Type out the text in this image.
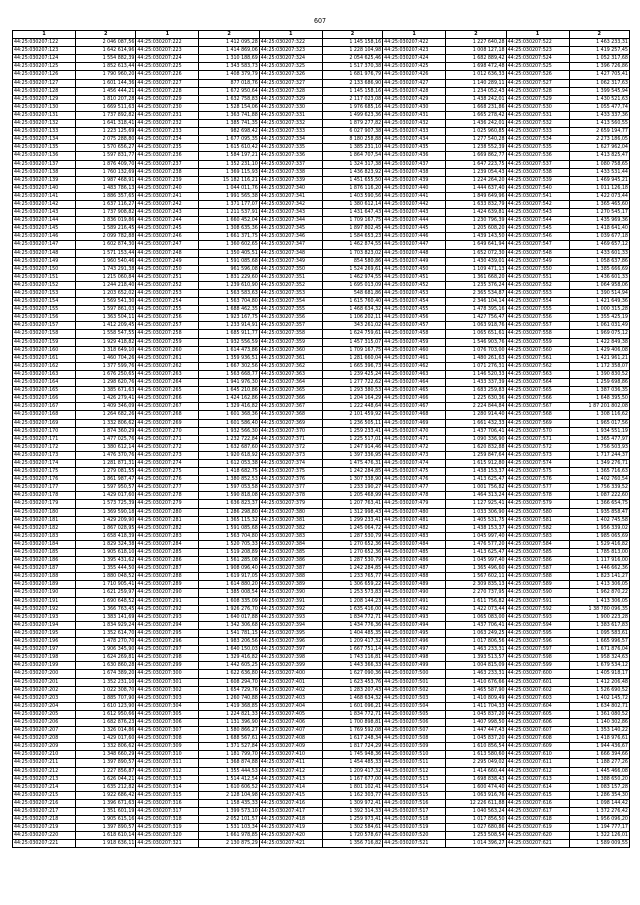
607
1	2	1	2	1	2	1	2	1	2
44:25:030207:122	2 046 087,56	44:25:030207:222	1 412 095,28	44:25:030207:322	1 145 158,16	44:25:030207:422	1 227 640,28	44:25:030207:522	1 463 233,31
44:25:030207:123	1 642 614,96	44:25:030207:223	1 414 869,06	44:25:030207:323	1 228 104,98	44:25:030207:423	1 008 127,18	44:25:030207:523	1 419 257,45
44:25:030207:124	1 554 882,39	44:25:030207:224	1 310 188,69	44:25:030207:324	2 054 625,46	44:25:030207:424	1 682 889,42	44:25:030207:524	1 052 317,68
44:25:030207:125	1 852 613,44	44:25:030207:225	1 343 583,73	44:25:030207:325	1 517 370,38	44:25:030207:425	1 698 472,48	44:25:030207:525	1 396 726,86
44:25:030207:126	1 790 960,20	44:25:030207:226	1 408 379,79	44:25:030207:326	1 681 976,79	44:25:030207:426	1 012 636,33	44:25:030207:526	1 427 705,41
44:25:030207:127	1 601 144,36	44:25:030207:227	877 018,76	44:25:030207:327	2 133 686,90	44:25:030207:427	1 140 289,11	44:25:030207:527	1 062 317,63
44:25:030207:128	1 456 444,21	44:25:030207:228	1 672 950,64	44:25:030207:328	1 145 158,16	44:25:030207:428	1 234 052,43	44:25:030207:528	1 399 545,94
44:25:030207:129	1 810 207,28	44:25:030207:229	1 632 758,83	44:25:030207:329	2 117 023,08	44:25:030207:429	1 438 242,01	44:25:030207:529	1 430 521,63
44:25:030207:130	1 669 511,63	44:25:030207:230	1 528 154,06	44:25:030207:330	1 976 685,16	44:25:030207:430	1 668 231,86	44:25:030207:530	1 055 477,74
44:25:030207:131	1 737 892,82	44:25:030207:231	1 363 741,88	44:25:030207:331	1 499 623,36	44:25:030207:431	1 665 278,42	44:25:030207:531	1 433 337,36
44:25:030207:132	1 641 318,41	44:25:030207:232	1 385 741,35	44:25:030207:332	1 879 277,82	44:25:030207:432	1 436 242,01	44:25:030207:532	1 413 560,55
44:25:030207:133	1 223 125,69	44:25:030207:233	982 698,42	44:25:030207:333	6 027 907,38	44:25:030207:433	1 025 960,85	44:25:030207:533	2 659 194,77
44:25:030207:134	2 075 288,80	44:25:030207:234	1 677 095,35	44:25:030207:334	8 180 258,88	44:25:030207:434	1 277 540,28	44:25:030207:534	2 273 186,05
44:25:030207:135	1 570 656,27	44:25:030207:235	1 615 610,42	44:25:030207:335	1 385 231,10	44:25:030207:435	1 238 552,39	44:25:030207:535	1 627 962,04
44:25:030207:136	1 597 831,77	44:25:030207:236	1 584 197,21	44:25:030207:336	1 864 707,54	44:25:030207:436	1 669 862,77	44:25:030207:536	1 413 825,47
44:25:030207:137	1 876 409,70	44:25:030207:237	1 352 231,10	44:25:030207:337	1 324 317,38	44:25:030207:437	1 647 223,75	44:25:030207:537	1 080 758,65
44:25:030207:138	1 760 132,69	44:25:030207:238	1 369 115,93	44:25:030207:338	1 436 823,92	44:25:030207:438	1 239 054,43	44:25:030207:538	1 433 531,44
44:25:030207:139	1 987 468,91	44:25:030207:239	15 182 116,21	44:25:030207:339	1 451 655,50	44:25:030207:439	1 224 264,20	44:25:030207:539	1 469 945,21
44:25:030207:140	1 483 786,13	44:25:030207:240	1 044 011,76	44:25:030207:340	1 876 116,20	44:25:030207:440	1 444 637,40	44:25:030207:540	1 011 126,18
44:25:030207:141	1 886 357,65	44:25:030207:241	1 991 565,38	44:25:030207:341	1 403 590,56	44:25:030207:441	1 849 649,96	44:25:030207:541	1 422 073,44
44:25:030207:142	1 637 116,27	44:25:030207:242	1 371 177,07	44:25:030207:342	1 380 612,14	44:25:030207:442	1 633 832,79	44:25:030207:542	1 365 465,60
44:25:030207:143	1 737 908,82	44:25:030207:243	1 211 537,91	44:25:030207:343	1 431 647,43	44:25:030207:443	1 424 639,81	44:25:030207:543	1 270 545,17
44:25:030207:144	1 836 019,86	44:25:030207:244	1 660 452,04	44:25:030207:344	1 709 167,75	44:25:030207:444	1 230 796,39	44:25:030207:544	1 435 969,36
44:25:030207:145	1 589 216,45	44:25:030207:245	1 308 635,36	44:25:030207:345	1 897 802,45	44:25:030207:445	1 205 608,20	44:25:030207:545	1 418 641,40
44:25:030207:146	2 099 782,88	44:25:030207:246	1 661 371,75	44:25:030207:346	1 584 653,23	44:25:030207:446	1 439 143,50	44:25:030207:546	1 039 677,18
44:25:030207:147	1 602 874,30	44:25:030207:247	1 360 602,65	44:25:030207:347	1 462 874,55	44:25:030207:447	1 649 641,94	44:25:030207:547	1 469 657,12
44:25:030207:148	1 571 153,44	44:25:030207:248	1 350 405,51	44:25:030207:348	1 703 823,02	44:25:030207:448	1 652 072,30	44:25:030207:548	1 433 601,33
44:25:030207:149	1 960 540,46	44:25:030207:249	1 591 085,68	44:25:030207:349	854 580,86	44:25:030207:449	1 430 439,01	44:25:030207:549	1 058 637,86
44:25:030207:150	1 743 291,38	44:25:030207:250	961 596,08	44:25:030207:350	1 524 269,61	44:25:030207:450	1 109 471,13	44:25:030207:550	1 385 666,69
44:25:030207:151	1 215 060,84	44:25:030207:251	1 831 229,60	44:25:030207:351	1 462 974,55	44:25:030207:451	1 361 668,20	44:25:030207:551	1 436 601,33
44:25:030207:152	1 244 218,40	44:25:030207:252	1 239 610,90	44:25:030207:352	1 695 013,09	44:25:030207:452	1 235 376,24	44:25:030207:552	1 064 958,06
44:25:030207:153	1 203 652,02	44:25:030207:253	1 563 583,63	44:25:030207:353	548 681,86	44:25:030207:453	2 365 534,87	44:25:030207:553	1 390 514,94
44:25:030207:154	1 569 541,30	44:25:030207:254	1 563 704,80	44:25:030207:354	1 615 760,40	44:25:030207:454	2 346 104,14	44:25:030207:554	1 421 649,36
44:25:030207:155	1 597 861,03	44:25:030207:255	1 688 462,35	44:25:030207:355	1 468 634,32	44:25:030207:455	1 478 395,16	44:25:030207:555	1 000 315,28
44:25:030207:156	1 363 504,11	44:25:030207:256	1 923 167,75	44:25:030207:356	1 106 202,11	44:25:030207:456	1 427 756,47	44:25:030207:556	1 355 425,19
44:25:030207:157	1 412 209,45	44:25:030207:257	1 233 914,91	44:25:030207:357	343 261,02	44:25:030207:457	1 063 918,76	44:25:030207:557	1 061 031,49
44:25:030207:158	1 558 547,55	44:25:030207:258	1 685 911,77	44:25:030207:358	1 624 759,61	44:25:030207:458	1 065 651,61	44:25:030207:558	1 969 075,12
44:25:030207:159	1 929 418,82	44:25:030207:259	1 932 556,59	44:25:030207:359	1 457 315,07	44:25:030207:459	1 546 903,76	44:25:030207:559	1 422 849,38
44:25:030207:160	1 318 649,10	44:25:030207:260	1 614 473,86	44:25:030207:360	1 709 167,75	44:25:030207:460	1 076 703,00	44:25:030207:560	1 429 406,08
44:25:030207:161	1 460 704,26	44:25:030207:261	1 359 936,51	44:25:030207:361	1 281 660,04	44:25:030207:461	1 480 261,63	44:25:030207:561	1 421 961,21
44:25:030207:162	1 377 599,76	44:25:030207:262	1 667 302,56	44:25:030207:362	1 665 396,73	44:25:030207:462	1 071 276,31	44:25:030207:562	1 172 358,07
44:25:030207:163	1 676 250,65	44:25:030207:263	1 563 668,77	44:25:030207:363	1 239 425,24	44:25:030207:463	1 146 520,33	44:25:030207:563	1 390 830,52
44:25:030207:164	1 298 620,76	44:25:030207:264	1 941 976,30	44:25:030207:364	1 277 722,62	44:25:030207:464	1 433 337,39	44:25:030207:564	1 259 698,86
44:25:030207:165	1 385 671,63	44:25:030207:265	1 645 210,86	44:25:030207:365	1 293 380,53	44:25:030207:465	1 683 259,83	44:25:030207:565	1 387 036,35
44:25:030207:166	1 426 279,41	44:25:030207:266	1 424 162,86	44:25:030207:366	1 204 164,29	44:25:030207:466	1 225 630,36	44:25:030207:566	1 648 395,50
44:25:030207:167	1 409 346,09	44:25:030207:267	1 329 416,82	44:25:030207:367	1 222 448,64	44:25:030207:467	2 224 844,84	44:25:030207:567	1 87 201 802,08
44:25:030207:168	1 264 682,26	44:25:030207:268	1 601 368,36	44:25:030207:368	2 101 459,92	44:25:030207:468	1 280 914,40	44:25:030207:568	1 308 116,62
44:25:030207:169	1 332 806,62	44:25:030207:269	1 601 586,40	44:25:030207:369	1 236 505,11	44:25:030207:469	1 661 432,33	44:25:030207:569	1 965 017,56
44:25:030207:170	1 874 360,29	44:25:030207:270	1 932 566,30	44:25:030207:370	1 259 233,41	44:25:030207:470	1 437 706,41	44:25:030207:570	1 934 551,19
44:25:030207:171	1 477 025,76	44:25:030207:271	1 232 722,84	44:25:030207:371	1 225 517,01	44:25:030207:471	1 090 336,90	44:25:030207:571	1 365 477,97
44:25:030207:172	1 380 612,14	44:25:030207:272	1 632 687,60	44:25:030207:372	1 247 914,46	44:25:030207:472	1 620 832,88	44:25:030207:572	1 756 503,93
44:25:030207:173	1 476 370,76	44:25:030207:273	1 920 618,92	44:25:030207:373	1 397 336,95	44:25:030207:473	1 259 847,64	44:25:030207:573	1 717 244,37
44:25:030207:174	1 281 871,31	44:25:030207:274	1 612 053,38	44:25:030207:374	1 475 476,31	44:25:030207:474	1 615 912,80	44:25:030207:574	1 349 276,71
44:25:030207:175	1 279 081,55	44:25:030207:275	1 418 682,75	44:25:030207:375	1 242 284,85	44:25:030207:475	1 438 153,37	44:25:030207:575	1 365 716,63
44:25:030207:176	1 861 987,47	44:25:030207:276	1 380 852,53	44:25:030207:376	1 307 338,90	44:25:030207:476	1 413 625,47	44:25:030207:576	1 402 760,54
44:25:030207:177	1 597 950,57	44:25:030207:277	1 597 053,58	44:25:030207:377	1 233 190,27	44:25:030207:477	1 001 756,82	44:25:030207:577	1 756 339,52
44:25:030207:178	1 429 017,60	44:25:030207:278	1 590 818,08	44:25:030207:378	1 205 468,99	44:25:030207:478	1 464 313,24	44:25:030207:578	1 087 222,60
44:25:030207:179	1 573 725,39	44:25:030207:279	1 636 823,37	44:25:030207:379	1 207 763,41	44:25:030207:479	1 127 925,41	44:25:030207:579	1 366 654,75
44:25:030207:180	1 369 590,18	44:25:030207:280	1 286 298,80	44:25:030207:380	1 312 998,43	44:25:030207:480	1 033 306,90	44:25:030207:580	1 935 858,47
44:25:030207:181	1 429 209,90	44:25:030207:281	1 365 115,32	44:25:030207:381	1 299 233,41	44:25:030207:481	1 405 531,75	44:25:030207:581	1 402 745,58
44:25:030207:182	1 867 028,95	44:25:030207:282	1 591 085,68	44:25:030207:382	1 245 064,72	44:25:030207:482	1 438 153,37	44:25:030207:582	1 956 339,02
44:25:030207:183	1 658 418,39	44:25:030207:283	1 563 704,80	44:25:030207:383	1 287 530,79	44:25:030207:483	1 045 997,40	44:25:030207:583	1 985 065,69
44:25:030207:184	1 829 324,38	44:25:030207:284	1 520 705,33	44:25:030207:384	1 270 652,36	44:25:030207:484	1 476 577,20	44:25:030207:584	1 529 416,82
44:25:030207:185	1 905 618,10	44:25:030207:285	1 519 208,89	44:25:030207:385	1 270 652,36	44:25:030207:485	1 413 625,47	44:25:030207:585	1 785 813,00
44:25:030207:186	1 395 431,62	44:25:030207:286	1 561 285,08	44:25:030207:386	1 287 530,79	44:25:030207:486	1 045 997,40	44:25:030207:586	1 117 916,00
44:25:030207:187	1 355 444,50	44:25:030207:287	1 908 096,40	44:25:030207:387	1 242 284,85	44:25:030207:487	1 365 496,60	44:25:030207:587	1 446 662,36
44:25:030207:188	1 880 048,52	44:25:030207:288	1 619 917,05	44:25:030207:388	1 233 765,77	44:25:030207:488	1 567 602,11	44:25:030207:588	1 823 141,27
44:25:030207:189	1 710 905,41	44:25:030207:289	1 614 880,20	44:25:030207:389	1 306 659,22	44:25:030207:489	2 309 835,13	44:25:030207:589	1 413 306,05
44:25:030207:190	1 621 259,97	44:25:030207:290	1 385 008,54	44:25:030207:390	1 253 573,83	44:25:030207:490	2 270 737,95	44:25:030207:590	1 962 870,22
44:25:030207:191	1 690 648,52	44:25:030207:291	1 608 335,09	44:25:030207:391	1 208 144,23	44:25:030207:491	1 611 756,82	44:25:030207:591	1 413 306,05
44:25:030207:192	1 366 763,45	44:25:030207:292	1 926 276,70	44:25:030207:392	1 635 416,00	44:25:030207:492	1 422 073,44	44:25:030207:592	1 38 780 096,35
44:25:030207:193	1 383 141,69	44:25:030207:293	1 640 017,88	44:25:030207:393	1 834 772,71	44:25:030207:493	1 065 083,00	44:25:030207:593	1 900 223,28
44:25:030207:194	1 834 929,24	44:25:030207:294	1 342 306,68	44:25:030207:394	1 434 776,36	44:25:030207:494	1 437 706,41	44:25:030207:594	1 383 617,83
44:25:030207:195	1 352 614,70	44:25:030207:295	1 541 781,15	44:25:030207:395	1 404 485,35	44:25:030207:495	1 063 249,25	44:25:030207:595	1 095 583,61
44:25:030207:196	1 478 270,70	44:25:030207:296	1 983 206,56	44:25:030207:396	1 209 417,32	44:25:030207:496	1 017 806,56	44:25:030207:596	1 665 996,57
44:25:030207:197	1 906 345,90	44:25:030207:297	1 640 150,03	44:25:030207:397	1 667 751,14	44:25:030207:497	1 463 233,31	44:25:030207:597	1 671 876,04
44:25:030207:198	1 624 269,81	44:25:030207:298	1 329 416,82	44:25:030207:398	1 743 116,81	44:25:030207:498	1 393 513,57	44:25:030207:598	1 958 324,63
44:25:030207:199	1 630 860,28	44:25:030207:299	1 442 605,25	44:25:030207:399	1 443 366,33	44:25:030207:499	1 004 815,09	44:25:030207:599	1 679 534,12
44:25:030207:200	1 674 389,20	44:25:030207:300	1 622 636,80	44:25:030207:400	1 627 090,36	44:25:030207:500	1 463 233,31	44:25:030207:600	1 405 918,17
44:25:030207:201	1 352 231,10	44:25:030207:301	1 608 294,70	44:25:030207:401	1 623 453,76	44:25:030207:501	1 410 676,66	44:25:030207:601	1 412 206,48
44:25:030207:202	1 022 308,70	44:25:030207:302	1 654 729,76	44:25:030207:402	1 283 207,43	44:25:030207:502	1 465 587,90	44:25:030207:602	1 526 690,52
44:25:030207:203	1 885 707,90	44:25:030207:303	1 260 740,88	44:25:030207:403	1 468 634,32	44:25:030207:503	1 410 809,49	44:25:030207:603	1 402 145,72
44:25:030207:204	1 610 123,90	44:25:030207:304	1 419 368,85	44:25:030207:404	1 601 096,21	44:25:030207:504	1 411 704,33	44:25:030207:604	1 634 802,71
44:25:030207:205	1 612 950,66	44:25:030207:305	1 224 821,33	44:25:030207:405	1 834 772,71	44:25:030207:505	1 045 837,20	44:25:030207:605	1 361 080,52
44:25:030207:206	1 682 876,23	44:25:030207:306	1 131 396,90	44:25:030207:406	1 700 898,81	44:25:030207:506	1 407 998,50	44:25:030207:606	1 140 302,86
44:25:030207:207	1 326 014,86	44:25:030207:307	1 580 866,27	44:25:030207:407	1 769 592,08	44:25:030207:507	1 447 447,43	44:25:030207:607	1 353 140,22
44:25:030207:208	1 429 017,60	44:25:030207:308	1 688 567,61	44:25:030207:408	1 617 248,34	44:25:030207:508	1 045 837,20	44:25:030207:608	1 418 976,61
44:25:030207:209	1 332 806,62	44:25:030207:309	1 371 527,84	44:25:030207:409	1 817 724,29	44:25:030207:509	1 610 856,54	44:25:030207:609	1 944 436,67
44:25:030207:210	1 348 660,29	44:25:030207:310	1 181 799,70	44:25:030207:410	1 745 948,36	44:25:030207:510	1 613 580,60	44:25:030207:610	1 666 394,66
44:25:030207:211	1 397 890,57	44:25:030207:311	1 368 874,88	44:25:030207:411	1 454 485,33	44:25:030207:511	2 295 049,02	44:25:030207:611	1 188 277,26
44:25:030207:212	1 227 856,87	44:25:030207:312	1 355 444,53	44:25:030207:412	1 209 417,32	44:25:030207:512	1 414 660,44	44:25:030207:612	1 445 466,08
44:25:030207:213	1 626 044,21	44:25:030207:313	1 514 412,54	44:25:030207:413	1 167 677,00	44:25:030207:513	1 698 838,43	44:25:030207:613	1 388 650,20
44:25:030207:214	1 635 212,82	44:25:030207:314	1 610 606,52	44:25:030207:414	1 801 102,41	44:25:030207:514	1 600 474,40	44:25:030207:614	1 083 157,28
44:25:030207:215	1 922 686,42	44:25:030207:315	2 128 104,98	44:25:030207:415	1 162 303,77	44:25:030207:515	1 063 916,76	44:25:030207:615	1 286 354,30
44:25:030207:216	1 396 671,63	44:25:030207:316	1 158 435,33	44:25:030207:416	1 309 972,41	44:25:030207:516	12 226 611,88	44:25:030207:616	1 098 144,42
44:25:030207:217	1 351 601,19	44:25:030207:317	1 399 573,10	44:25:030207:417	1 392 314,33	44:25:030207:517	1 040 563,24	44:25:030207:617	1 372 276,42
44:25:030207:218	1 905 615,16	44:25:030207:318	2 052 101,57	44:25:030207:418	1 259 973,41	44:25:030207:518	1 017 856,50	44:25:030207:618	1 956 096,20
44:25:030207:219	1 397 890,57	44:25:030207:319	1 531 103,34	44:25:030207:419	1 302 584,61	44:25:030207:519	1 027 680,86	44:25:030207:619	1 194 777,17
44:25:030207:220	1 618 610,14	44:25:030207:320	1 661 978,85	44:25:030207:420	1 720 578,67	44:25:030207:520	1 253 508,54	44:25:030207:620	1 322 126,01
44:25:030207:221	1 918 636,11	44:25:030207:321	2 130 875,29	44:25:030207:421	1 356 716,82	44:25:030207:521	1 014 396,27	44:25:030207:621	1 589 009,55
